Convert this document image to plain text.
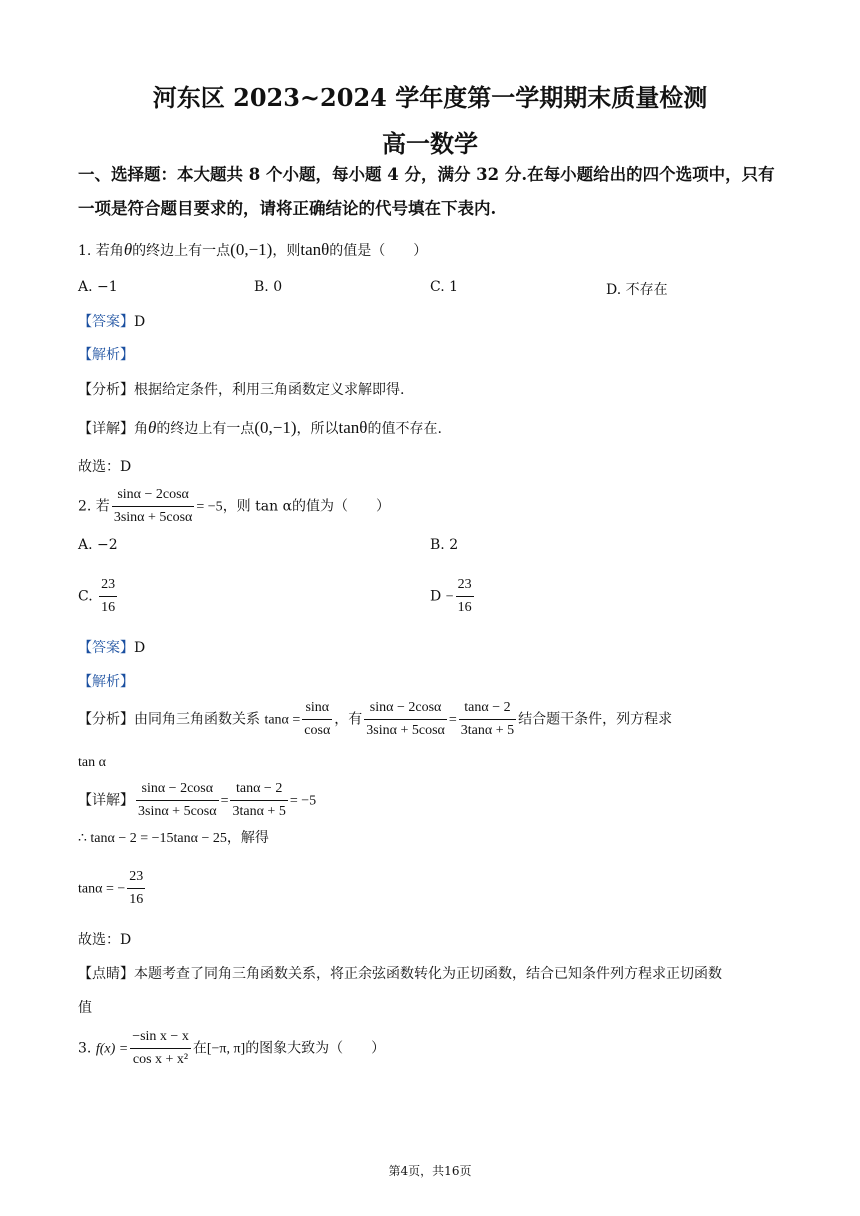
河东区 2023~2024 学年度第一学期期末质量检测
高一数学
一、选择题：本大题共 8 个小题，每小题 4 分，满分 32 分.在每小题给出的四个选项中，只有
一项是符合题目要求的，请将正确结论的代号填在下表内.
1. 若角θ的终边上有一点(0,−1)，则tanθ的值是（　　）
A. −1	B. 0	C. 1	D. 不存在
【答案】D
【解析】
【分析】根据给定条件，利用三角函数定义求解即得.
【详解】角θ的终边上有一点(0,−1)，所以tanθ的值不存在.
故选：D
2. 若 $\frac{\sin\alpha - 2\cos\alpha}{3\sin\alpha + 5\cos\alpha} = -5$，则 tan α的值为（　　）
A. −2	B. 2
C. $\frac{23}{16}$	$D - \frac{23}{16}$
【答案】D
【解析】
【分析】由同角三角函数关系 $\tan\alpha = \frac{\sin\alpha}{\cos\alpha}$ ，有 $\frac{\sin\alpha - 2\cos\alpha}{3\sin\alpha + 5\cos\alpha} = \frac{\tan\alpha - 2}{3\tan\alpha + 5}$ 结合题干条件，列方程求
tan α
【详解】 $\frac{\sin\alpha - 2\cos\alpha}{3\sin\alpha + 5\cos\alpha} = \frac{\tan\alpha - 2}{3\tan\alpha + 5} = -5$
∴ tanα − 2 = −15tanα − 25，解得
tanα = − $\frac{23}{16}$
故选：D
【点睛】本题考查了同角三角函数关系，将正余弦函数转化为正切函数，结合已知条件列方程求正切函数
值
3. $f(x) = \frac{\text{−sin x − x}}{\text{cos x + x²}}$ 在[−π, π]的图象大致为（　　）
第4页，共16页
